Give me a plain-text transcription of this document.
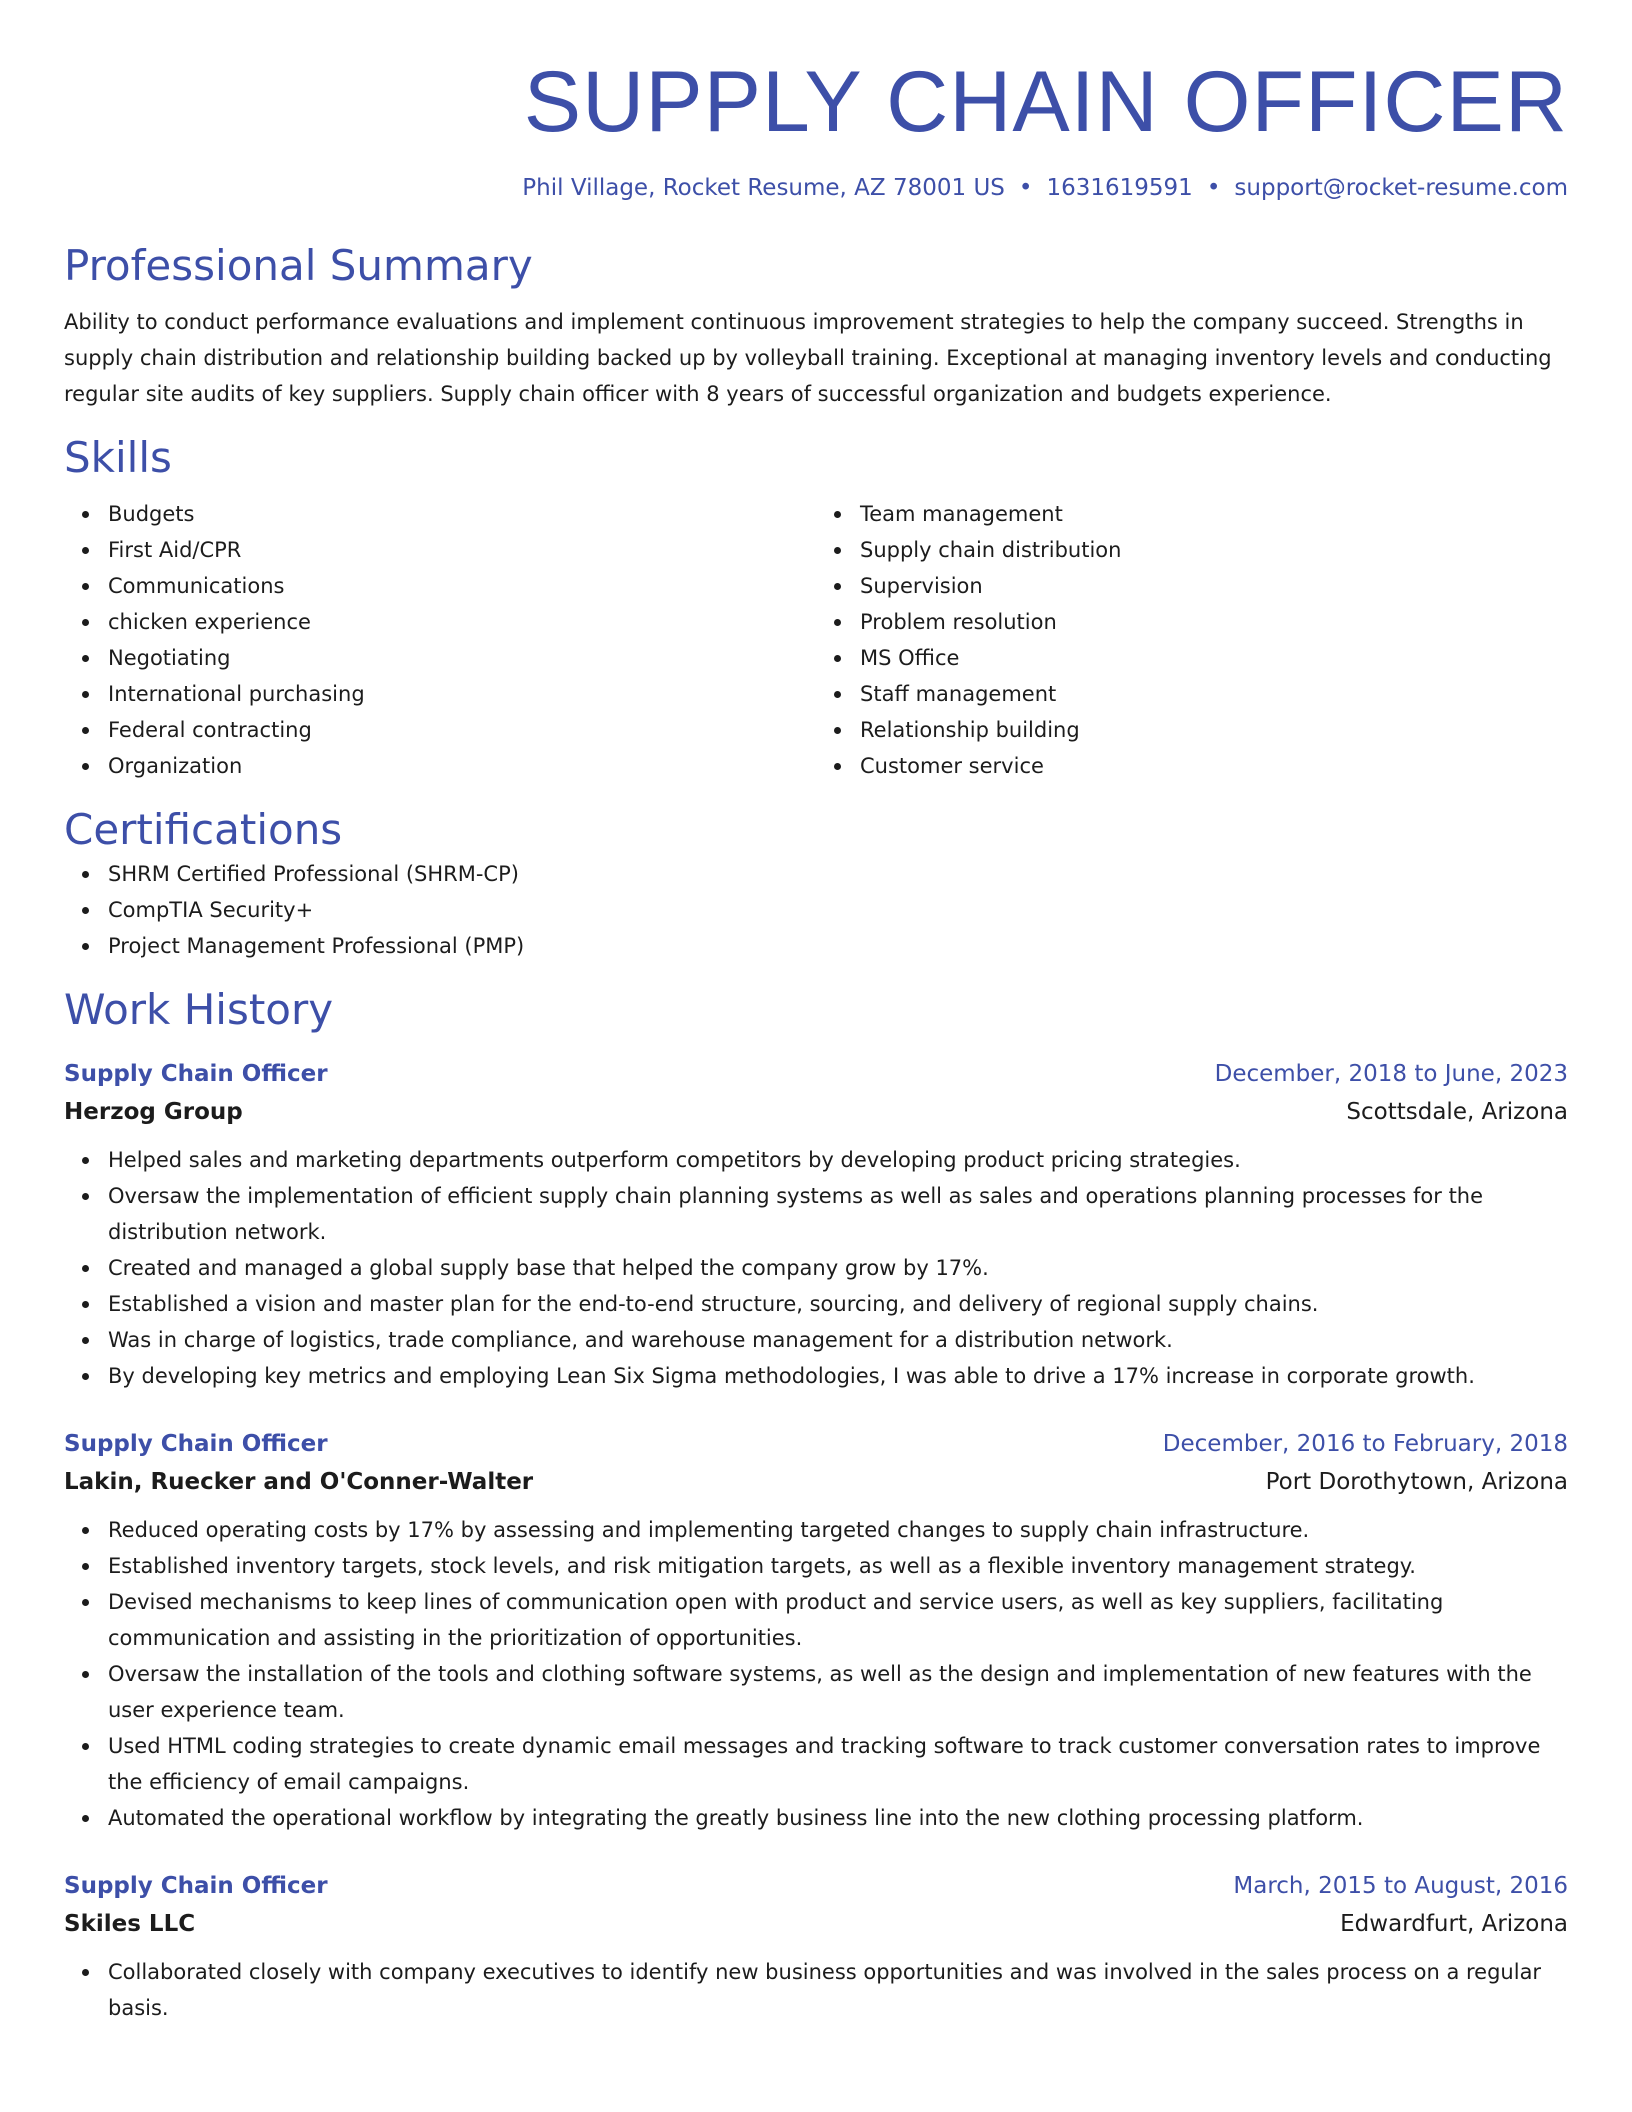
SUPPLY CHAIN OFFICER
Phil Village, Rocket Resume, AZ 78001 US • 1631619591 • support@rocket-resume.com
Professional Summary

Ability to conduct performance evaluations and implement continuous improvement strategies to help the company succeed. Strengths in supply chain distribution and relationship building backed up by volleyball training. Exceptional at managing inventory levels and conducting regular site audits of key suppliers. Supply chain officer with 8 years of successful organization and budgets experience.

Skills
Budgets
First Aid/CPR
Communications
chicken experience
Negotiating
International purchasing
Federal contracting
Organization
Team management
Supply chain distribution
Supervision
Problem resolution
MS Office
Staff management
Relationship building
Customer service
Certifications
SHRM Certified Professional (SHRM-CP)
CompTIA Security+
Project Management Professional (PMP)
Work History
Supply Chain Officer	December, 2018 to June, 2023
Herzog Group	Scottsdale, Arizona
Helped sales and marketing departments outperform competitors by developing product pricing strategies.
Oversaw the implementation of efficient supply chain planning systems as well as sales and operations planning processes for the distribution network.
Created and managed a global supply base that helped the company grow by 17%.
Established a vision and master plan for the end-to-end structure, sourcing, and delivery of regional supply chains.
Was in charge of logistics, trade compliance, and warehouse management for a distribution network.
By developing key metrics and employing Lean Six Sigma methodologies, I was able to drive a 17% increase in corporate growth.
Supply Chain Officer	December, 2016 to February, 2018
Lakin, Ruecker and O'Conner-Walter	Port Dorothytown, Arizona
Reduced operating costs by 17% by assessing and implementing targeted changes to supply chain infrastructure.
Established inventory targets, stock levels, and risk mitigation targets, as well as a flexible inventory management strategy.
Devised mechanisms to keep lines of communication open with product and service users, as well as key suppliers, facilitating communication and assisting in the prioritization of opportunities.
Oversaw the installation of the tools and clothing software systems, as well as the design and implementation of new features with the user experience team.
Used HTML coding strategies to create dynamic email messages and tracking software to track customer conversation rates to improve the efficiency of email campaigns.
Automated the operational workflow by integrating the greatly business line into the new clothing processing platform.
Supply Chain Officer	March, 2015 to August, 2016
Skiles LLC	Edwardfurt, Arizona
Collaborated closely with company executives to identify new business opportunities and was involved in the sales process on a regular basis.
